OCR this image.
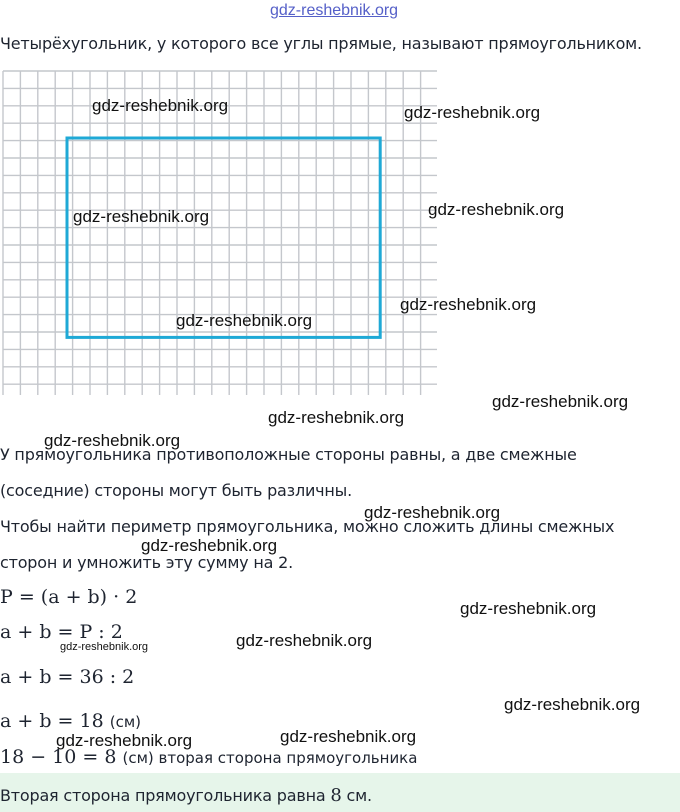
gdz-reshebnik.org
Четырёхугольник, у которого все углы прямые, называют прямоугольником.
У прямоугольника противоположные стороны равны, а две смежные
(соседние) стороны могут быть различны.
Чтобы найти периметр прямоугольника, можно сложить длины смежных
сторон и умножить эту сумму на 2.
P = (a + b) · 2
a + b = P : 2
a + b = 36 : 2
a + b = 18 (см)
18 − 10 = 8 (см) вторая сторона прямоугольника
Вторая сторона прямоугольника равна 8 см.
gdz-reshebnik.org	gdz-reshebnik.org
gdz-reshebnik.org	gdz-reshebnik.org
gdz-reshebnik.org
gdz-reshebnik.org
gdz-reshebnik.org
gdz-reshebnik.org
gdz-reshebnik.org
gdz-reshebnik.org
gdz-reshebnik.org
gdz-reshebnik.org
gdz-reshebnik.org
gdz-reshebnik.org
gdz-reshebnik.org
gdz-reshebnik.org
gdz-reshebnik.org
